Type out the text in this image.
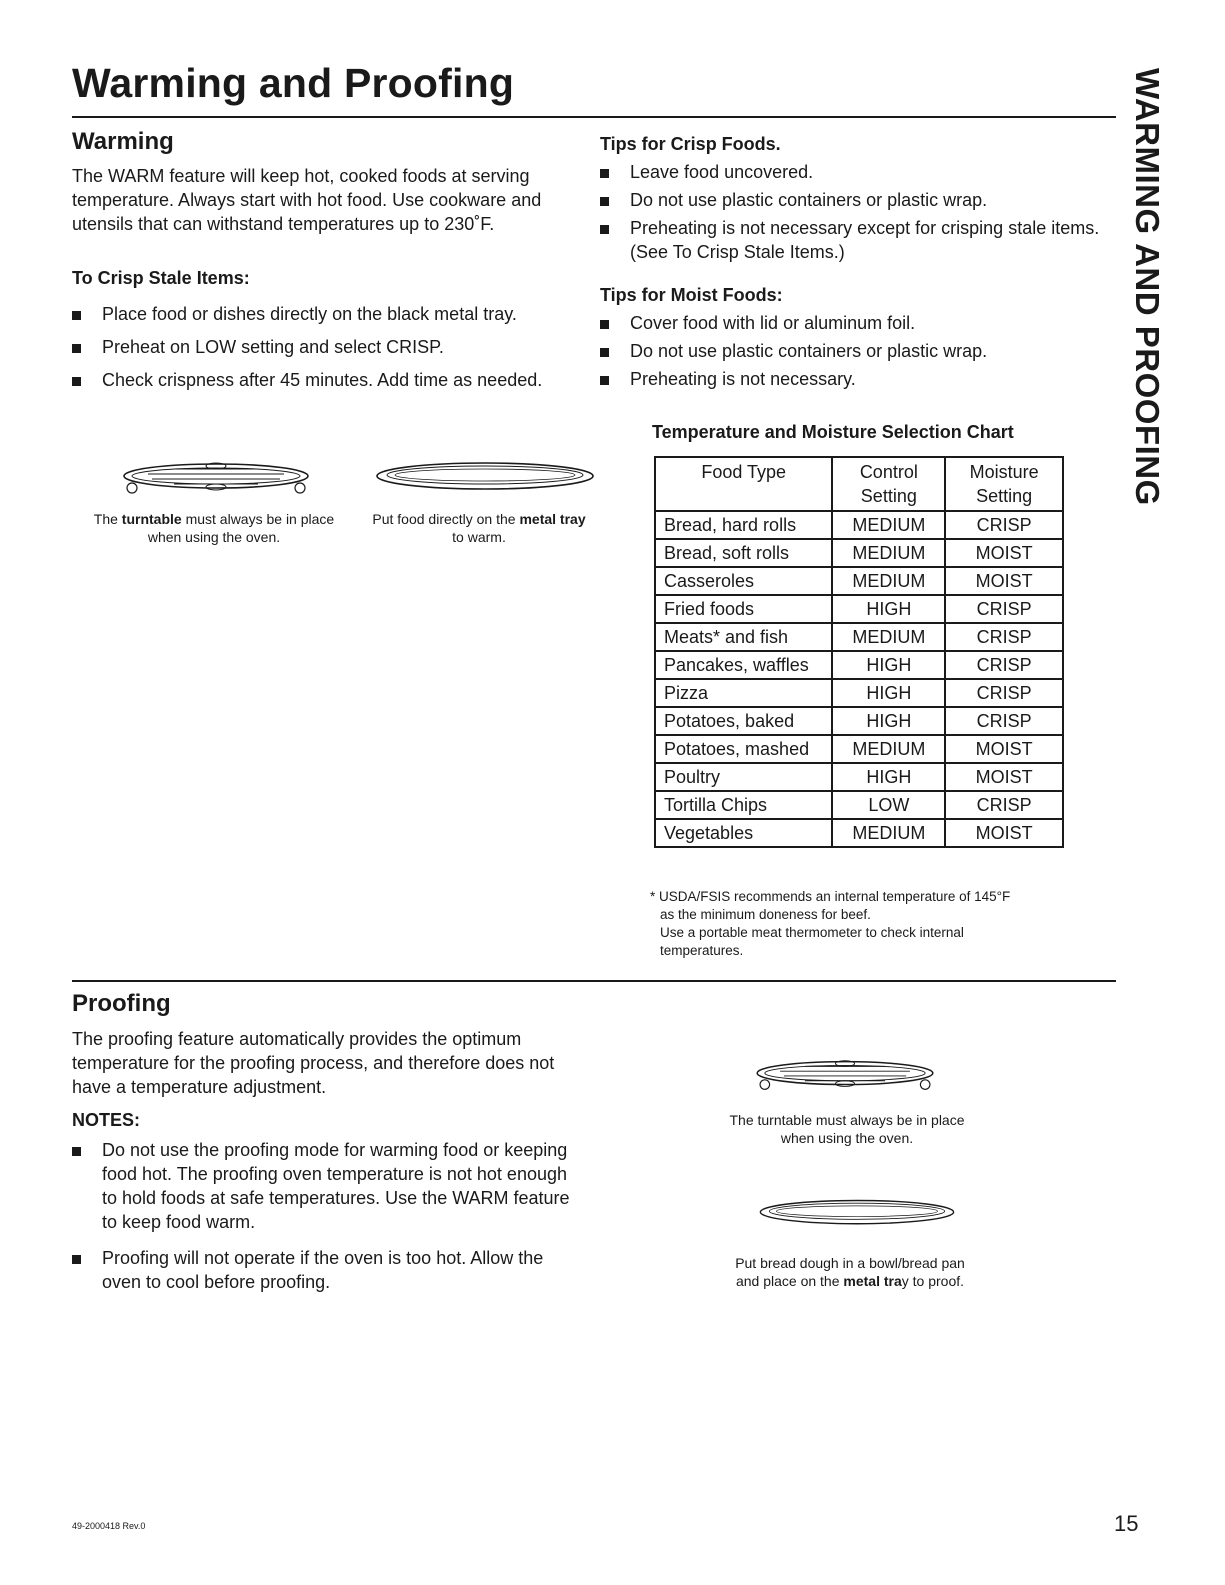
Warming and Proofing	WARMING AND PROOFING
Warming

The WARM feature will keep hot, cooked foods at serving temperature. Always start with hot food. Use cookware and utensils that can withstand temperatures up to 230˚F.

To Crisp Stale Items:

Place food or dishes directly on the black metal tray.
Preheat on LOW setting and select CRISP.
Check crispness after 45 minutes. Add time as needed.

The turntable must always be in place when using the oven.

Put food directly on the metal tray to warm.

Tips for Crisp Foods.

Leave food uncovered.
Do not use plastic containers or plastic wrap.
Preheating is not necessary except for crisping stale items. (See To Crisp Stale Items.)

Tips for Moist Foods:

Cover food with lid or aluminum foil.
Do not use plastic containers or plastic wrap.
Preheating is not necessary.

Temperature and Moisture Selection Chart

Food Type	Control Setting	Moisture Setting
Bread, hard rolls	MEDIUM	CRISP
Bread, soft rolls	MEDIUM	MOIST
Casseroles	MEDIUM	MOIST
Fried foods	HIGH	CRISP
Meats* and fish	MEDIUM	CRISP
Pancakes, waffles	HIGH	CRISP
Pizza	HIGH	CRISP
Potatoes, baked	HIGH	CRISP
Potatoes, mashed	MEDIUM	MOIST
Poultry	HIGH	MOIST
Tortilla Chips	LOW	CRISP
Vegetables	MEDIUM	MOIST

* USDA/FSIS recommends an internal temperature of 145°F

as the minimum doneness for beef.

Use a portable meat thermometer to check internal

temperatures.

Proofing

The proofing feature automatically provides the optimum temperature for the proofing process, and therefore does not have a temperature adjustment.

NOTES:

Do not use the proofing mode for warming food or keeping food hot. The proofing oven temperature is not hot enough to hold foods at safe temperatures. Use the WARM feature to keep food warm.
Proofing will not operate if the oven is too hot. Allow the oven to cool before proofing.

The turntable must always be in place when using the oven.

Put bread dough in a bowl/bread pan and place on the metal tray to proof.

49-2000418 Rev.0	15
